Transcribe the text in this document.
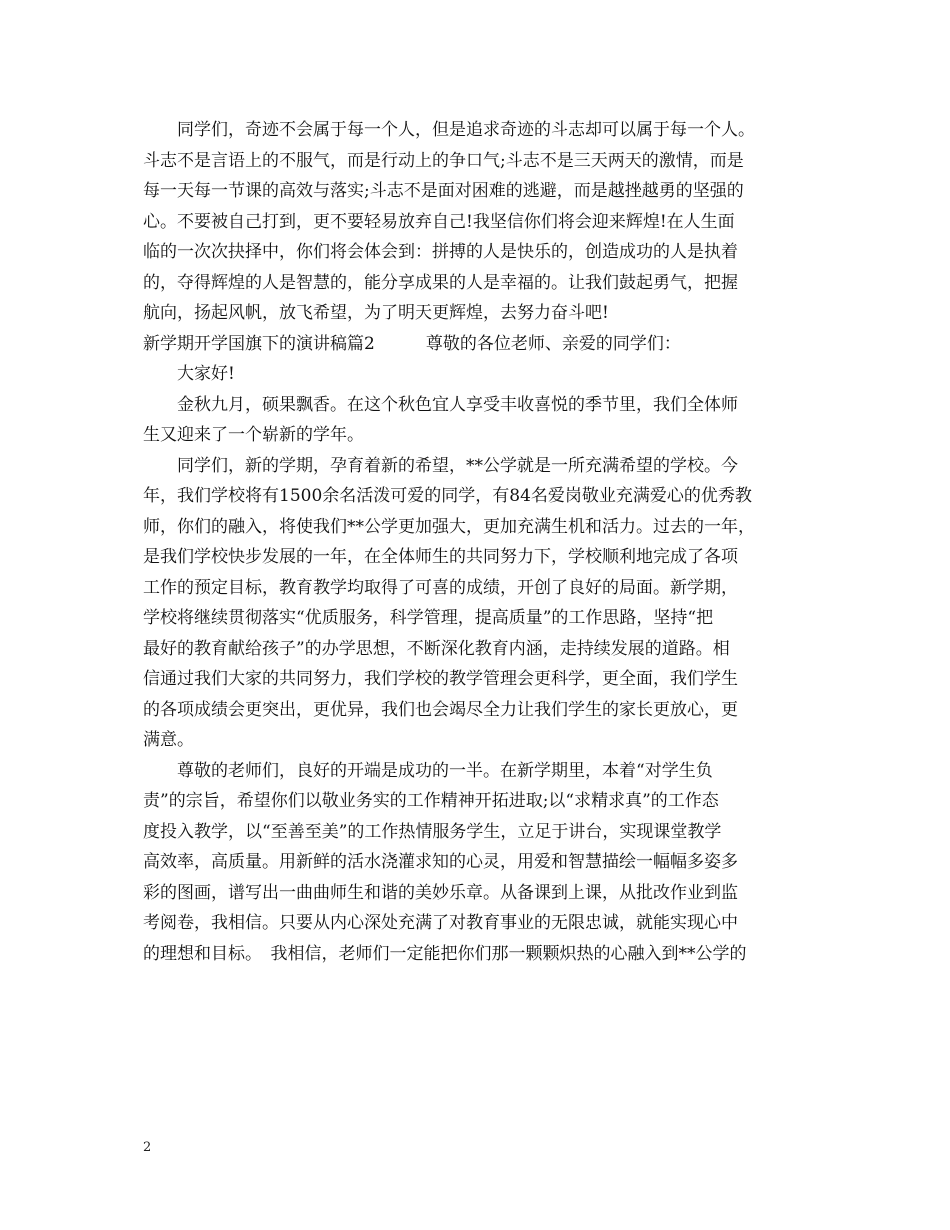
　　同学们，奇迹不会属于每一个人，但是追求奇迹的斗志却可以属于每一个人。
斗志不是言语上的不服气，而是行动上的争口气;斗志不是三天两天的激情，而是
每一天每一节课的高效与落实;斗志不是面对困难的逃避，而是越挫越勇的坚强的
心。不要被自己打到，更不要轻易放弃自己!我坚信你们将会迎来辉煌!在人生面
临的一次次抉择中，你们将会体会到：拼搏的人是快乐的，创造成功的人是执着
的，夺得辉煌的人是智慧的，能分享成果的人是幸福的。让我们鼓起勇气，把握
航向，扬起风帆，放飞希望，为了明天更辉煌，去努力奋斗吧!
新学期开学国旗下的演讲稿篇2　　　尊敬的各位老师、亲爱的同学们：
　　大家好!
　　金秋九月，硕果飘香。在这个秋色宜人享受丰收喜悦的季节里，我们全体师
生又迎来了一个崭新的学年。
　　同学们，新的学期，孕育着新的希望，**公学就是一所充满希望的学校。今
年，我们学校将有1500余名活泼可爱的同学，有84名爱岗敬业充满爱心的优秀教
师，你们的融入，将使我们**公学更加强大，更加充满生机和活力。过去的一年，
是我们学校快步发展的一年，在全体师生的共同努力下，学校顺利地完成了各项
工作的预定目标，教育教学均取得了可喜的成绩，开创了良好的局面。新学期，
学校将继续贯彻落实“优质服务，科学管理，提高质量”的工作思路，坚持“把
最好的教育献给孩子”的办学思想，不断深化教育内涵，走持续发展的道路。相
信通过我们大家的共同努力，我们学校的教学管理会更科学，更全面，我们学生
的各项成绩会更突出，更优异，我们也会竭尽全力让我们学生的家长更放心，更
满意。
　　尊敬的老师们，良好的开端是成功的一半。在新学期里，本着“对学生负
责”的宗旨，希望你们以敬业务实的工作精神开拓进取;以“求精求真”的工作态
度投入教学，以“至善至美”的工作热情服务学生，立足于讲台，实现课堂教学
高效率，高质量。用新鲜的活水浇灌求知的心灵，用爱和智慧描绘一幅幅多姿多
彩的图画，谱写出一曲曲师生和谐的美妙乐章。从备课到上课，从批改作业到监
考阅卷，我相信。只要从内心深处充满了对教育事业的无限忠诚，就能实现心中
的理想和目标。　我相信，老师们一定能把你们那一颗颗炽热的心融入到**公学的
2
